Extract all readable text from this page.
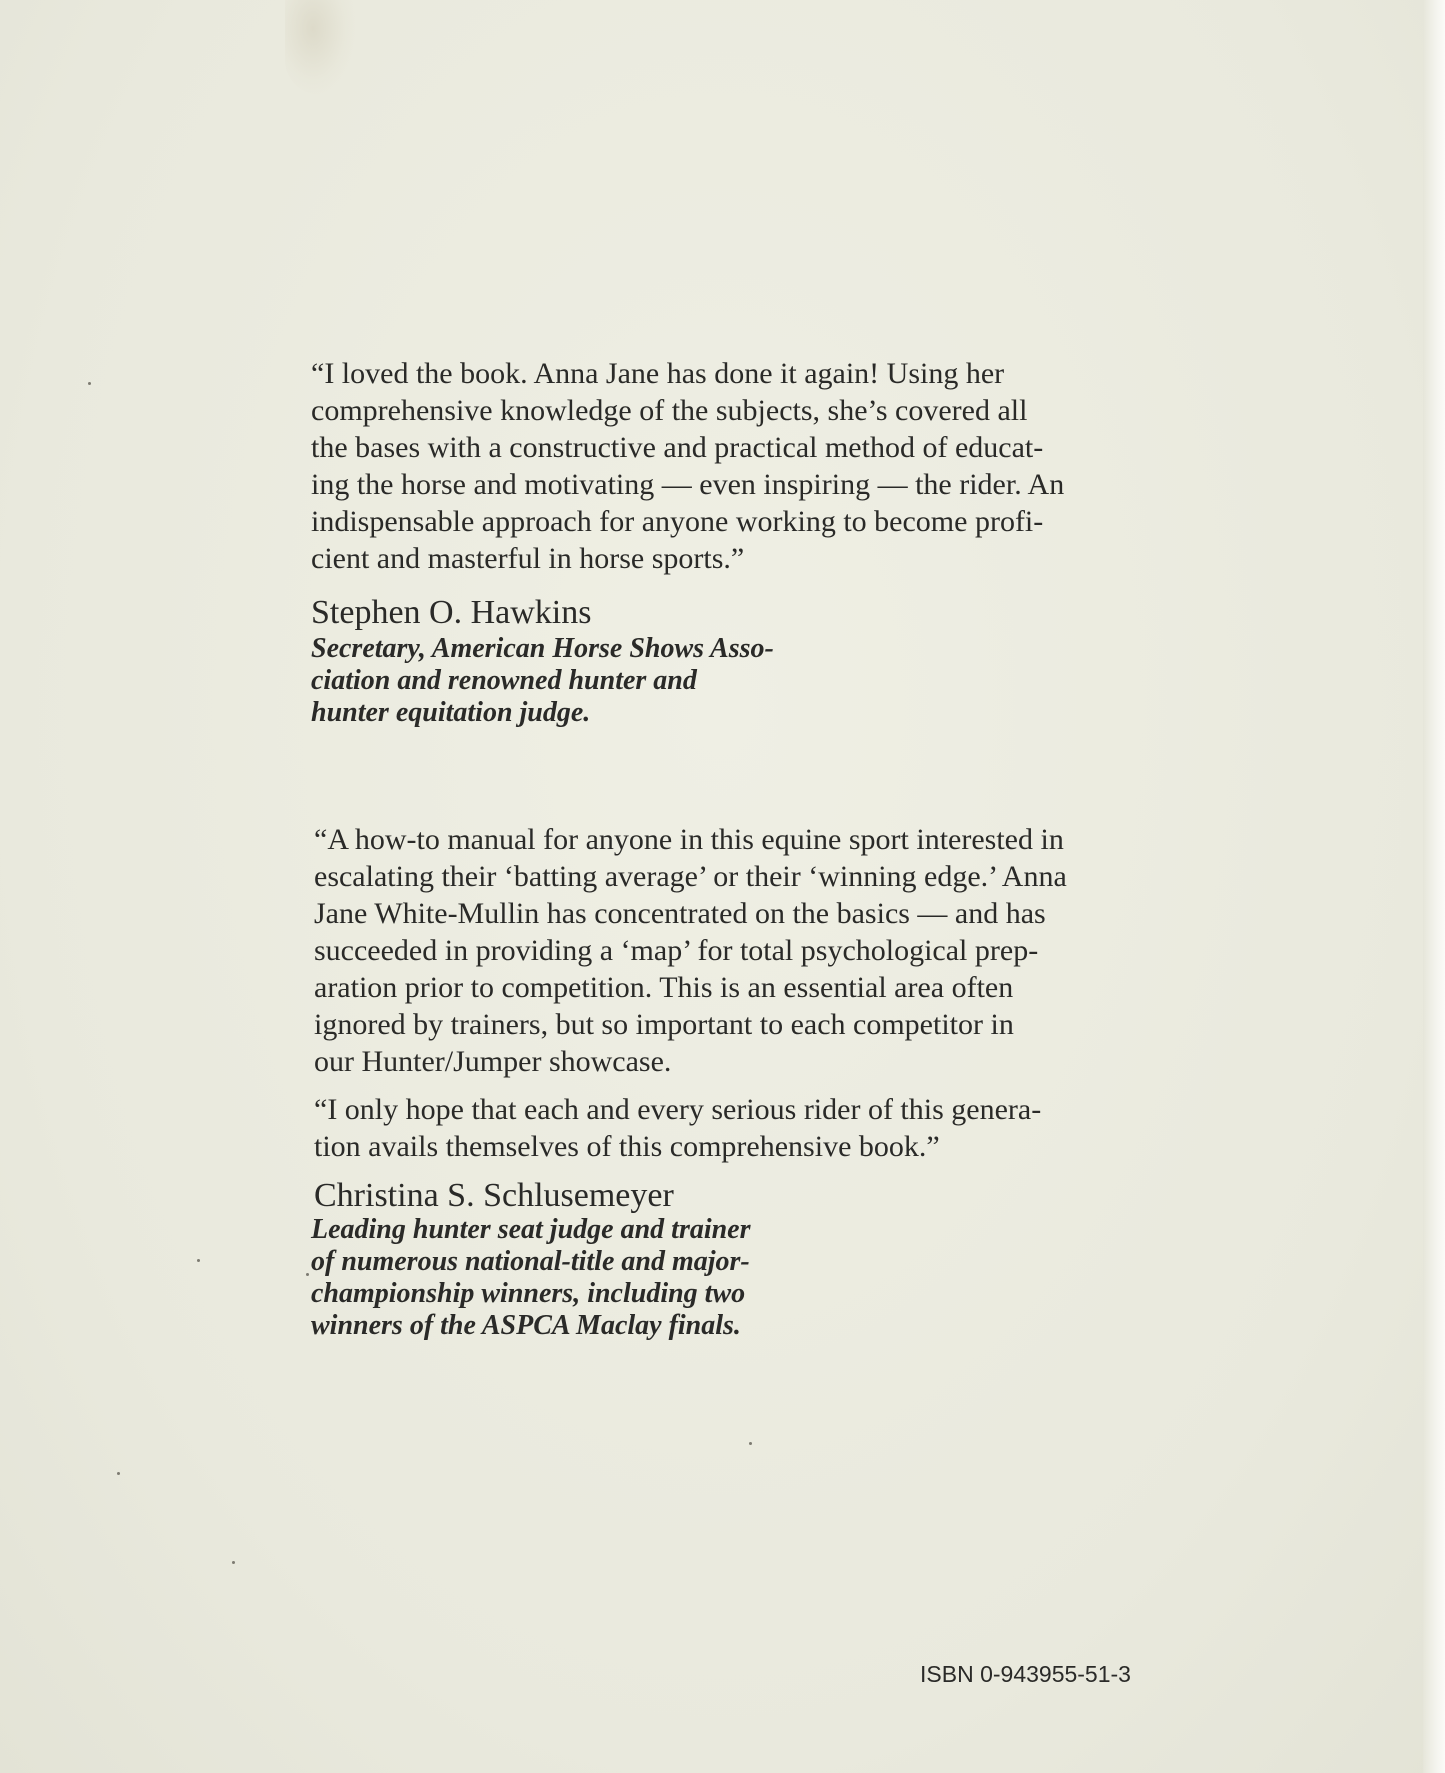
“I loved the book. Anna Jane has done it again! Using her
comprehensive knowledge of the subjects, she’s covered all
the bases with a constructive and practical method of educat-
ing the horse and motivating — even inspiring — the rider. An
indispensable approach for anyone working to become profi-
cient and masterful in horse sports.”
Stephen O. Hawkins
Secretary, American Horse Shows Asso-
ciation and renowned hunter and
hunter equitation judge.
“A how-to manual for anyone in this equine sport interested in
escalating their ‘batting average’ or their ‘winning edge.’ Anna
Jane White-Mullin has concentrated on the basics — and has
succeeded in providing a ‘map’ for total psychological prep-
aration prior to competition. This is an essential area often
ignored by trainers, but so important to each competitor in
our Hunter/Jumper showcase.
“I only hope that each and every serious rider of this genera-
tion avails themselves of this comprehensive book.”
Christina S. Schlusemeyer
Leading hunter seat judge and trainer
of numerous national-title and major-
championship winners, including two
winners of the ASPCA Maclay finals.
ISBN 0-943955-51-3
